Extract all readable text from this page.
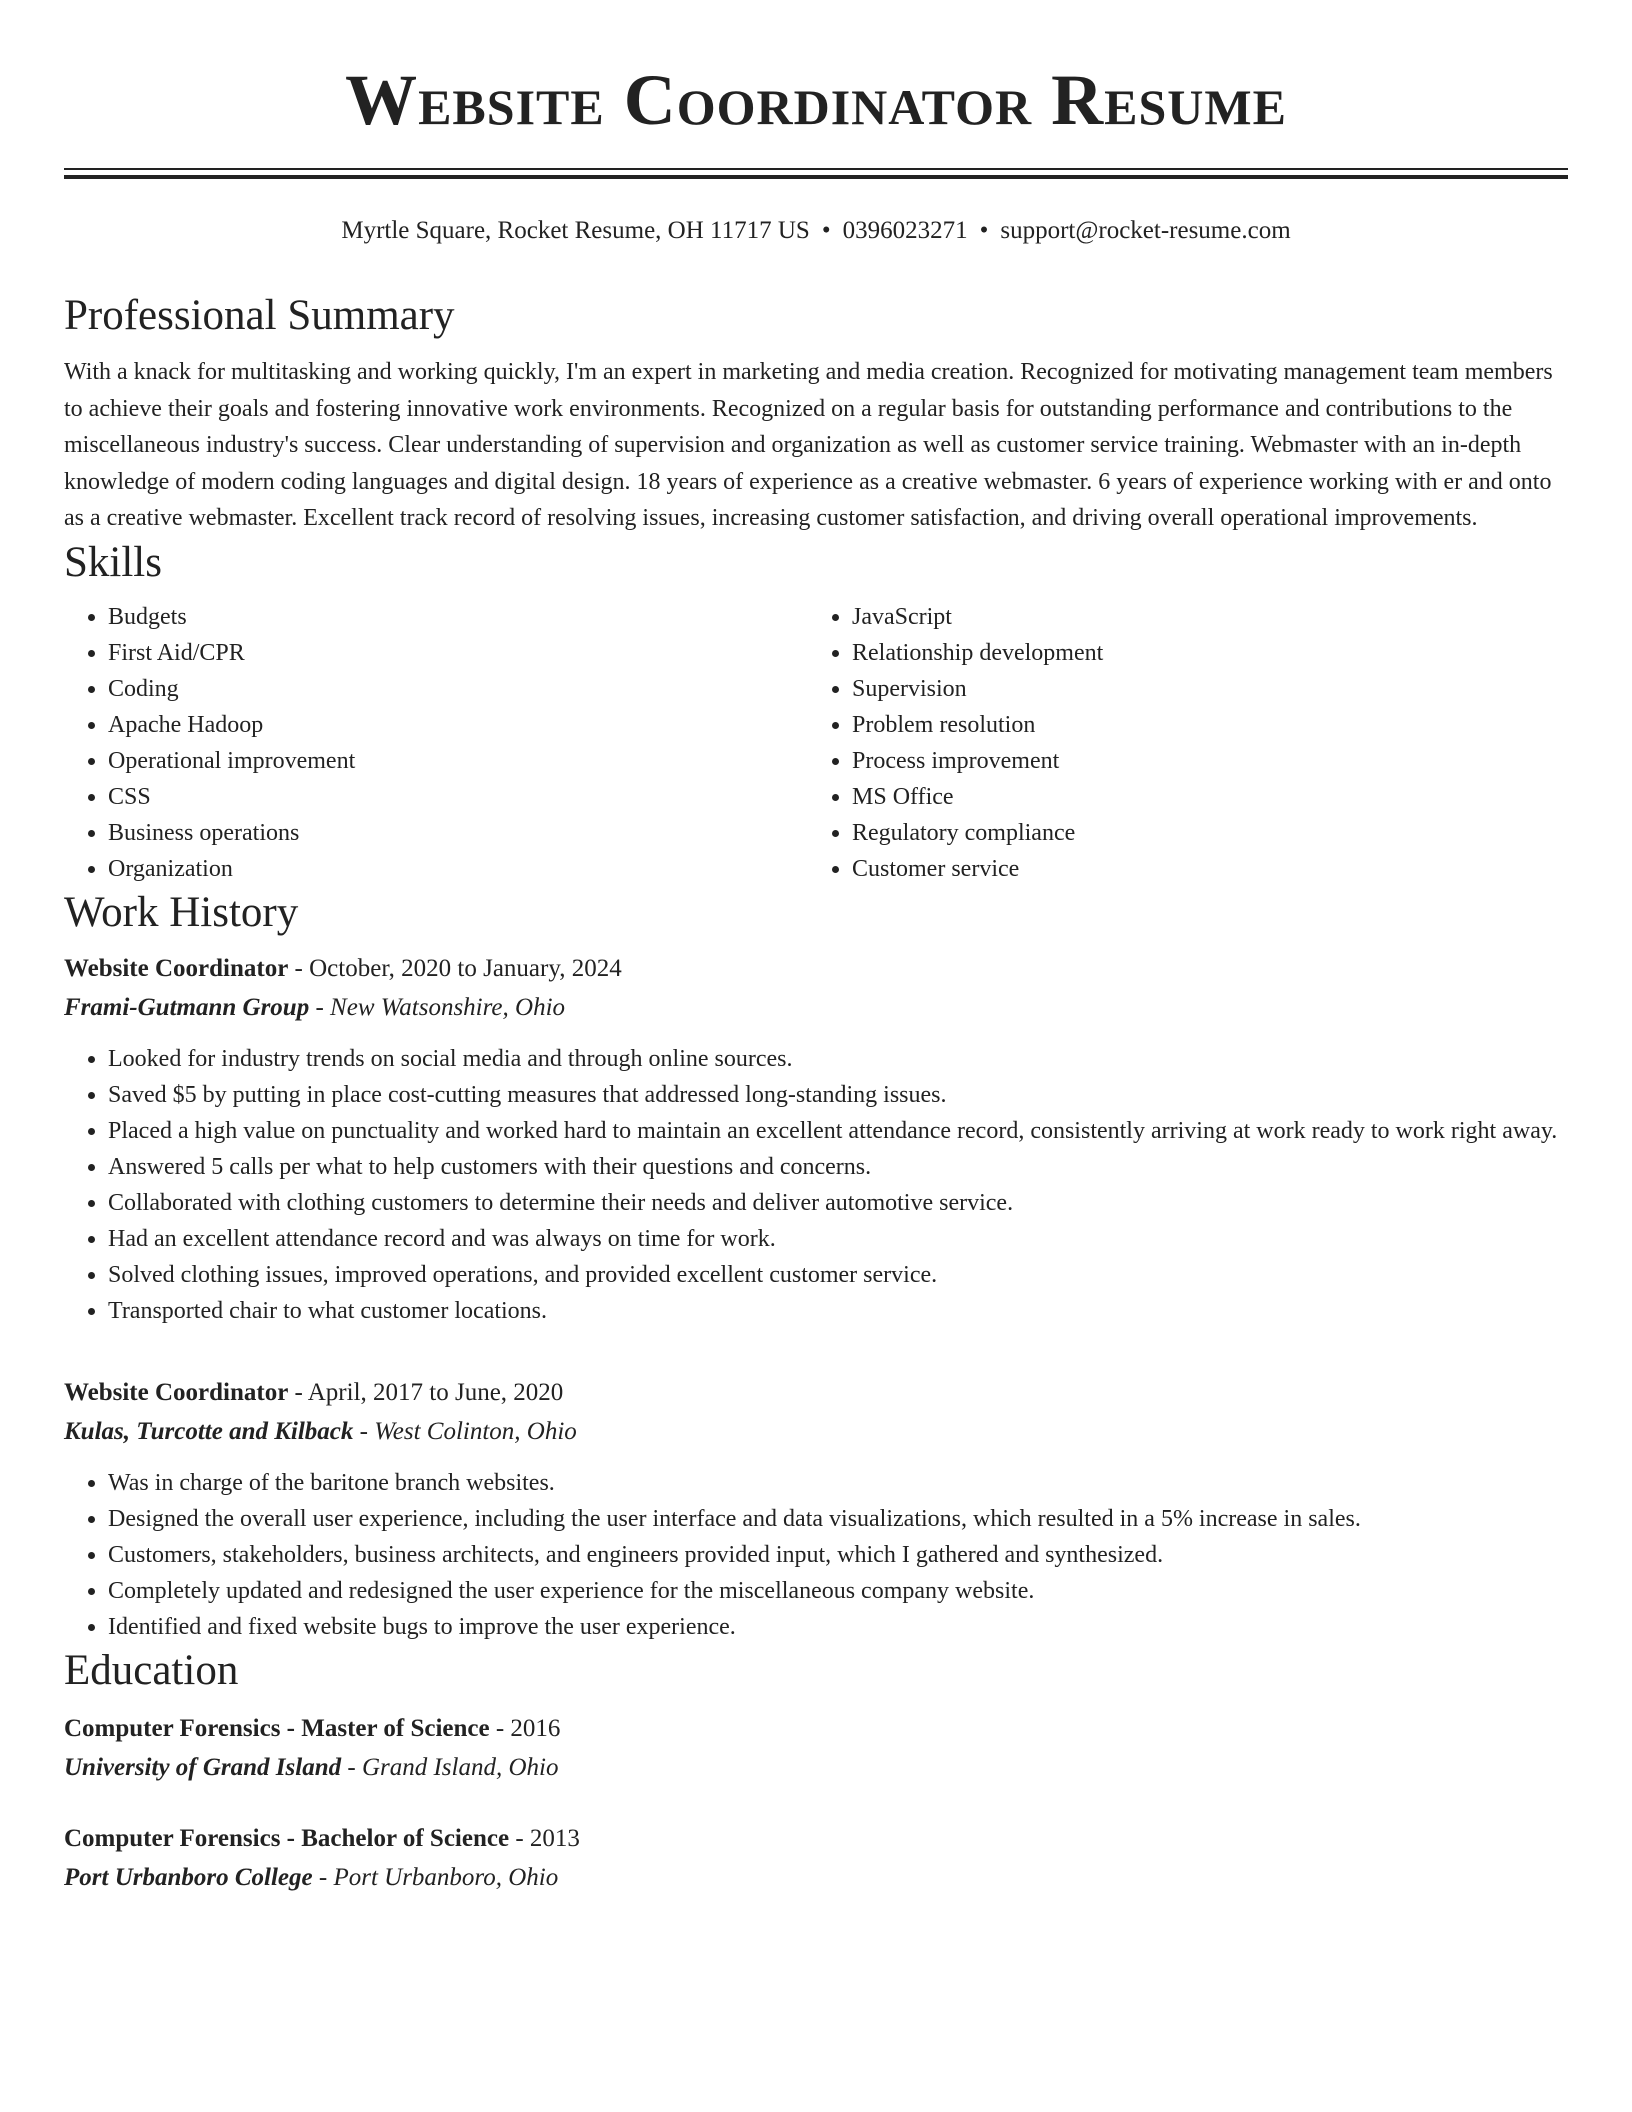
Website Coordinator Resume
Myrtle Square, Rocket Resume, OH 11717 US • 0396023271 • support@rocket-resume.com
Professional Summary

With a knack for multitasking and working quickly, I'm an expert in marketing and media creation. Recognized for motivating management team members to achieve their goals and fostering innovative work environments. Recognized on a regular basis for outstanding performance and contributions to the miscellaneous industry's success. Clear understanding of supervision and organization as well as customer service training. Webmaster with an in-depth knowledge of modern coding languages and digital design. 18 years of experience as a creative webmaster. 6 years of experience working with er and onto as a creative webmaster. Excellent track record of resolving issues, increasing customer satisfaction, and driving overall operational improvements.

Skills
• Budgets
• First Aid/CPR
• Coding
• Apache Hadoop
• Operational improvement
• CSS
• Business operations
• Organization
• JavaScript
• Relationship development
• Supervision
• Problem resolution
• Process improvement
• MS Office
• Regulatory compliance
• Customer service
Work History
Website Coordinator - October, 2020 to January, 2024
Frami-Gutmann Group - New Watsonshire, Ohio
• Looked for industry trends on social media and through online sources.
• Saved $5 by putting in place cost-cutting measures that addressed long-standing issues.
• Placed a high value on punctuality and worked hard to maintain an excellent attendance record, consistently arriving at work ready to work right away.
• Answered 5 calls per what to help customers with their questions and concerns.
• Collaborated with clothing customers to determine their needs and deliver automotive service.
• Had an excellent attendance record and was always on time for work.
• Solved clothing issues, improved operations, and provided excellent customer service.
• Transported chair to what customer locations.
Website Coordinator - April, 2017 to June, 2020
Kulas, Turcotte and Kilback - West Colinton, Ohio
• Was in charge of the baritone branch websites.
• Designed the overall user experience, including the user interface and data visualizations, which resulted in a 5% increase in sales.
• Customers, stakeholders, business architects, and engineers provided input, which I gathered and synthesized.
• Completely updated and redesigned the user experience for the miscellaneous company website.
• Identified and fixed website bugs to improve the user experience.
Education
Computer Forensics - Master of Science - 2016
University of Grand Island - Grand Island, Ohio
Computer Forensics - Bachelor of Science - 2013
Port Urbanboro College - Port Urbanboro, Ohio
